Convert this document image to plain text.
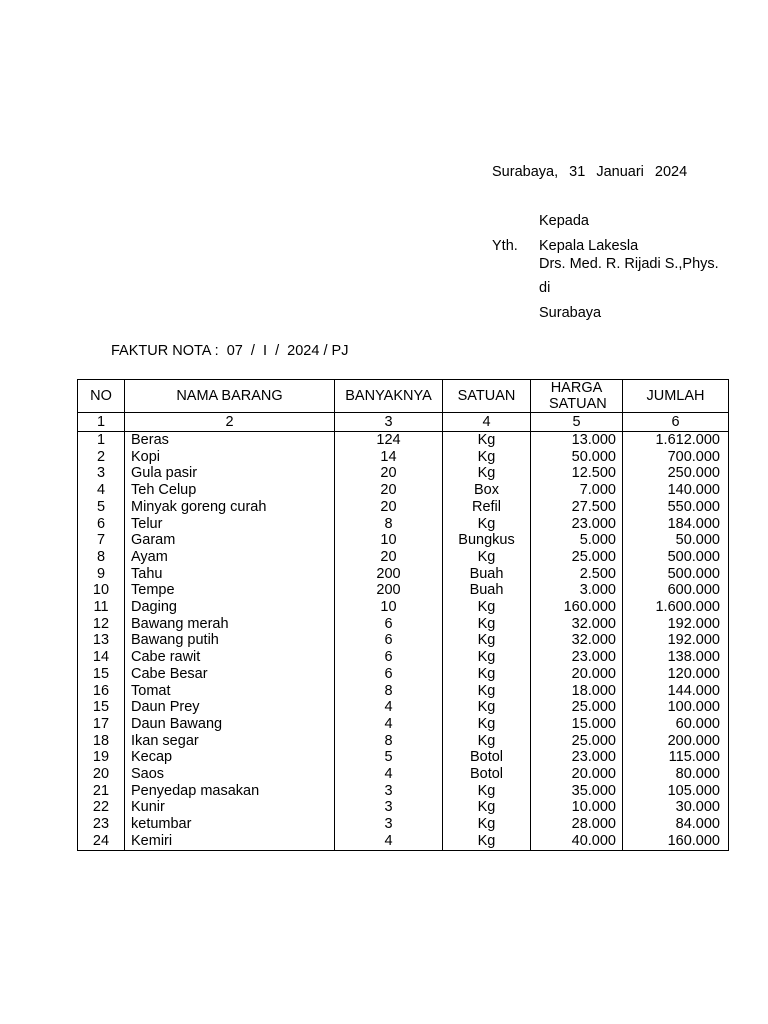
Surabaya, 31 Januari 2024
Kepada
Yth. Kepala Lakesla
Drs. Med. R. Rijadi S.,Phys.
di
Surabaya
FAKTUR NOTA : 07  /  I  /  2024 / PJ
NO	NAMA BARANG	BANYAKNYA	SATUAN	HARGA SATUAN	JUMLAH
1	2	3	4	5	6
1	Beras	124	Kg	13.000	1.612.000
2	Kopi	14	Kg	50.000	700.000
3	Gula pasir	20	Kg	12.500	250.000
4	Teh Celup	20	Box	7.000	140.000
5	Minyak goreng curah	20	Refil	27.500	550.000
6	Telur	8	Kg	23.000	184.000
7	Garam	10	Bungkus	5.000	50.000
8	Ayam	20	Kg	25.000	500.000
9	Tahu	200	Buah	2.500	500.000
10	Tempe	200	Buah	3.000	600.000
11	Daging	10	Kg	160.000	1.600.000
12	Bawang merah	6	Kg	32.000	192.000
13	Bawang putih	6	Kg	32.000	192.000
14	Cabe rawit	6	Kg	23.000	138.000
15	Cabe Besar	6	Kg	20.000	120.000
16	Tomat	8	Kg	18.000	144.000
15	Daun Prey	4	Kg	25.000	100.000
17	Daun Bawang	4	Kg	15.000	60.000
18	Ikan segar	8	Kg	25.000	200.000
19	Kecap	5	Botol	23.000	115.000
20	Saos	4	Botol	20.000	80.000
21	Penyedap masakan	3	Kg	35.000	105.000
22	Kunir	3	Kg	10.000	30.000
23	ketumbar	3	Kg	28.000	84.000
24	Kemiri	4	Kg	40.000	160.000
